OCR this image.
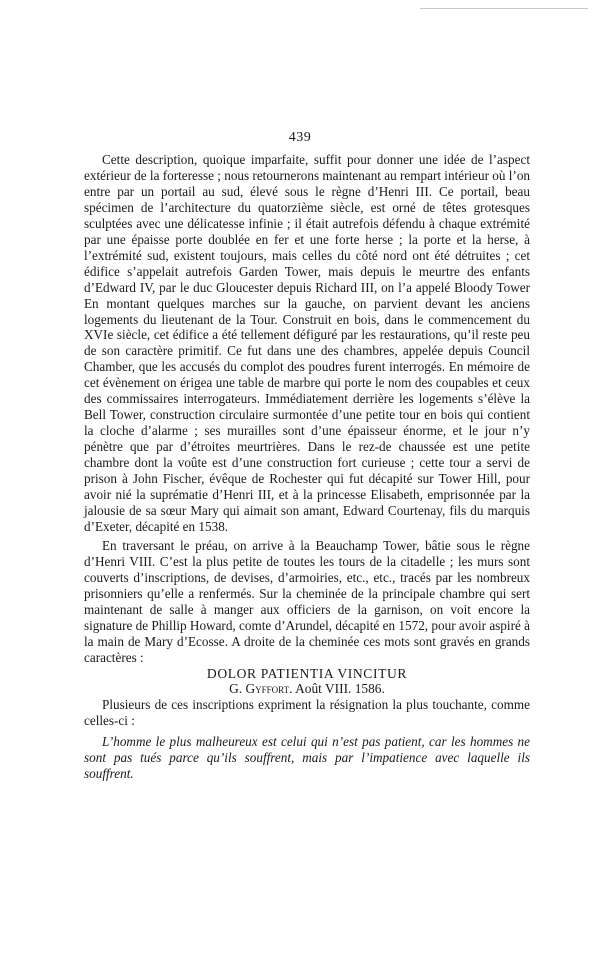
439

Cette description, quoique imparfaite, suffit pour donner une idée de l’aspect extérieur de la forteresse ; nous retournerons maintenant au rempart intérieur où l’on entre par un portail au sud, élevé sous le règne d’Henri III. Ce portail, beau spécimen de l’architecture du quatorzième siècle, est orné de têtes grotesques sculptées avec une délicatesse infinie ; il était autrefois défendu à chaque extrémité par une épaisse porte doublée en fer et une forte herse ; la porte et la herse, à l’extrémité sud, existent toujours, mais celles du côté nord ont été détruites ; cet édifice s’appelait autrefois Garden Tower, mais depuis le meurtre des enfants d’Edward IV, par le duc Gloucester depuis Richard III, on l’a appelé Bloody Tower En montant quelques marches sur la gauche, on parvient devant les anciens logements du lieutenant de la Tour. Construit en bois, dans le commencement du XVIe siècle, cet édifice a été tellement défiguré par les restaurations, qu’il reste peu de son caractère primitif. Ce fut dans une des chambres, appelée depuis Council Chamber, que les accusés du complot des poudres furent interrogés. En mémoire de cet évènement on érigea une table de marbre qui porte le nom des coupables et ceux des commissaires interrogateurs. Immédiatement derrière les logements s’élève la Bell Tower, construction circulaire surmontée d’une petite tour en bois qui contient la cloche d’alarme ; ses murailles sont d’une épaisseur énorme, et le jour n’y pénètre que par d’étroites meurtrières. Dans le rez-de chaussée est une petite chambre dont la voûte est d’une construction fort curieuse ; cette tour a servi de prison à John Fischer, évêque de Rochester qui fut décapité sur Tower Hill, pour avoir nié la suprématie d’Henri III, et à la princesse Elisabeth, emprisonnée par la jalousie de sa sœur Mary qui aimait son amant, Edward Courtenay, fils du marquis d’Exeter, décapité en 1538.

En traversant le préau, on arrive à la Beauchamp Tower, bâtie sous le règne d’Henri VIII. C’est la plus petite de toutes les tours de la citadelle ; les murs sont couverts d’inscriptions, de devises, d’armoiries, etc., etc., tracés par les nombreux prisonniers qu’elle a renfermés. Sur la cheminée de la principale chambre qui sert maintenant de salle à manger aux officiers de la garnison, on voit encore la signature de Phillip Howard, comte d’Arundel, décapité en 1572, pour avoir aspiré à la main de Mary d’Ecosse. A droite de la cheminée ces mots sont gravés en grands caractères :

DOLOR PATIENTIA VINCITUR

G. Gyffort. Août VIII. 1586.

Plusieurs de ces inscriptions expriment la résignation la plus touchante, comme celles-ci :

L’homme le plus malheureux est celui qui n’est pas patient, car les hommes ne sont pas tués parce qu’ils souffrent, mais par l’impatience avec laquelle ils souffrent.
